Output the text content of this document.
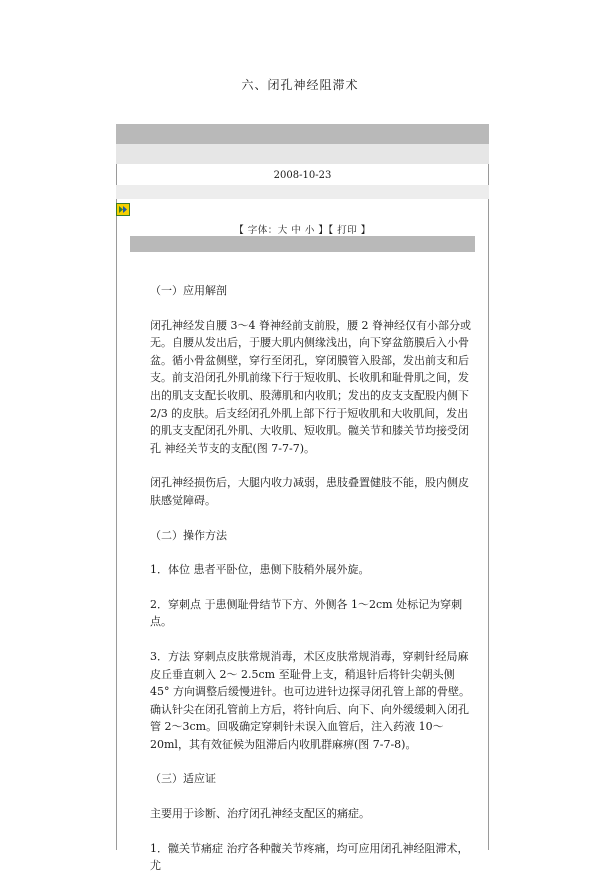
六、闭孔神经阻滞术
2008-10-23
【 字体：大 中 小 】【 打印 】

（一）应用解剖

闭孔神经发自腰 3～4 脊神经前支前股，腰 2 脊神经仅有小部分或无。自腰从发出后，于腰大肌内侧缘浅出，向下穿盆筋膜后入小骨盆。循小骨盆侧壁，穿行至闭孔，穿闭膜管入股部，发出前支和后支。前支沿闭孔外肌前缘下行于短收肌、长收肌和耻骨肌之间，发出的肌支支配长收肌、股薄肌和内收肌；发出的皮支支配股内侧下 2/3 的皮肤。后支经闭孔外肌上部下行于短收肌和大收肌间，发出的肌支支配闭孔外肌、大收肌、短收肌。髋关节和膝关节均接受闭孔 神经关节支的支配(图 7-7-7)。

闭孔神经损伤后，大腿内收力减弱，患肢叠置健肢不能，股内侧皮肤感觉障碍。

（二）操作方法

1．体位 患者平卧位，患侧下肢稍外展外旋。

2．穿刺点 于患侧耻骨结节下方、外侧各 1～2cm 处标记为穿刺点。

3．方法 穿刺点皮肤常规消毒，术区皮肤常规消毒，穿刺针经局麻皮丘垂直刺入 2～ 2.5cm 至耻骨上支，稍退针后将针尖朝头侧 45° 方向调整后缓慢进针。也可边进针边探寻闭孔管上部的骨壁。确认针尖在闭孔管前上方后，将针向后、向下、向外缓缓刺入闭孔管 2～3cm。回吸确定穿刺针未误入血管后，注入药液 10～20ml，其有效征候为阻滞后内收肌群麻痹(图 7-7-8)。

（三）适应证

主要用于诊断、治疗闭孔神经支配区的痛症。

1．髋关节痛症 治疗各种髋关节疼痛，均可应用闭孔神经阻滞术，尤
